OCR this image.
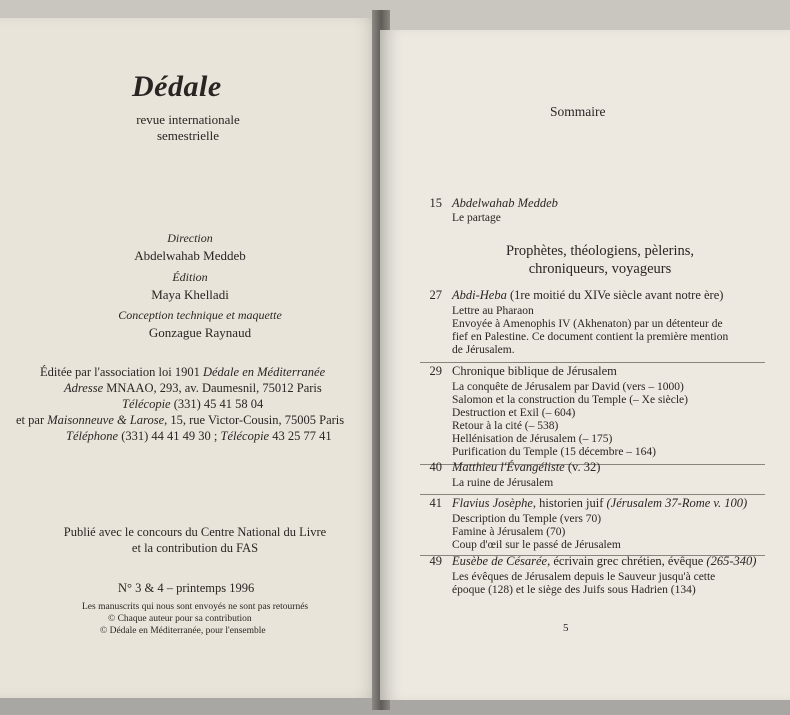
Dédale
revue internationale
semestrielle
Direction
Abdelwahab Meddeb
Édition
Maya Khelladi
Conception technique et maquette
Gonzague Raynaud
Éditée par l'association loi 1901 Dédale en Méditerranée
Adresse MNAAO, 293, av. Daumesnil, 75012 Paris
Télécopie (331) 45 41 58 04
et par Maisonneuve & Larose, 15, rue Victor-Cousin, 75005 Paris
Téléphone (331) 44 41 49 30 ; Télécopie 43 25 77 41
Publié avec le concours du Centre National du Livre
et la contribution du FAS
N° 3 & 4 – printemps 1996
Les manuscrits qui nous sont envoyés ne sont pas retournés
© Chaque auteur pour sa contribution
© Dédale en Méditerranée, pour l'ensemble
Sommaire
15 Abdelwahab Meddeb
Le partage
Prophètes, théologiens, pèlerins,
chroniqueurs, voyageurs
27 Abdi-Heba (1re moitié du XIVe siècle avant notre ère)
Lettre au Pharaon
Envoyée à Amenophis IV (Akhenaton) par un détenteur de
fief en Palestine. Ce document contient la première mention
de Jérusalem.
29 Chronique biblique de Jérusalem
La conquête de Jérusalem par David (vers – 1000)
Salomon et la construction du Temple (– Xe siècle)
Destruction et Exil (– 604)
Retour à la cité (– 538)
Hellénisation de Jérusalem (– 175)
Purification du Temple (15 décembre – 164)
40 Matthieu l'Évangéliste (v. 32)
La ruine de Jérusalem
41 Flavius Josèphe, historien juif (Jérusalem 37-Rome v. 100)
Description du Temple (vers 70)
Famine à Jérusalem (70)
Coup d'œil sur le passé de Jérusalem
49 Eusèbe de Césarée, écrivain grec chrétien, évêque (265-340)
Les évêques de Jérusalem depuis le Sauveur jusqu'à cette
époque (128) et le siège des Juifs sous Hadrien (134)
5
